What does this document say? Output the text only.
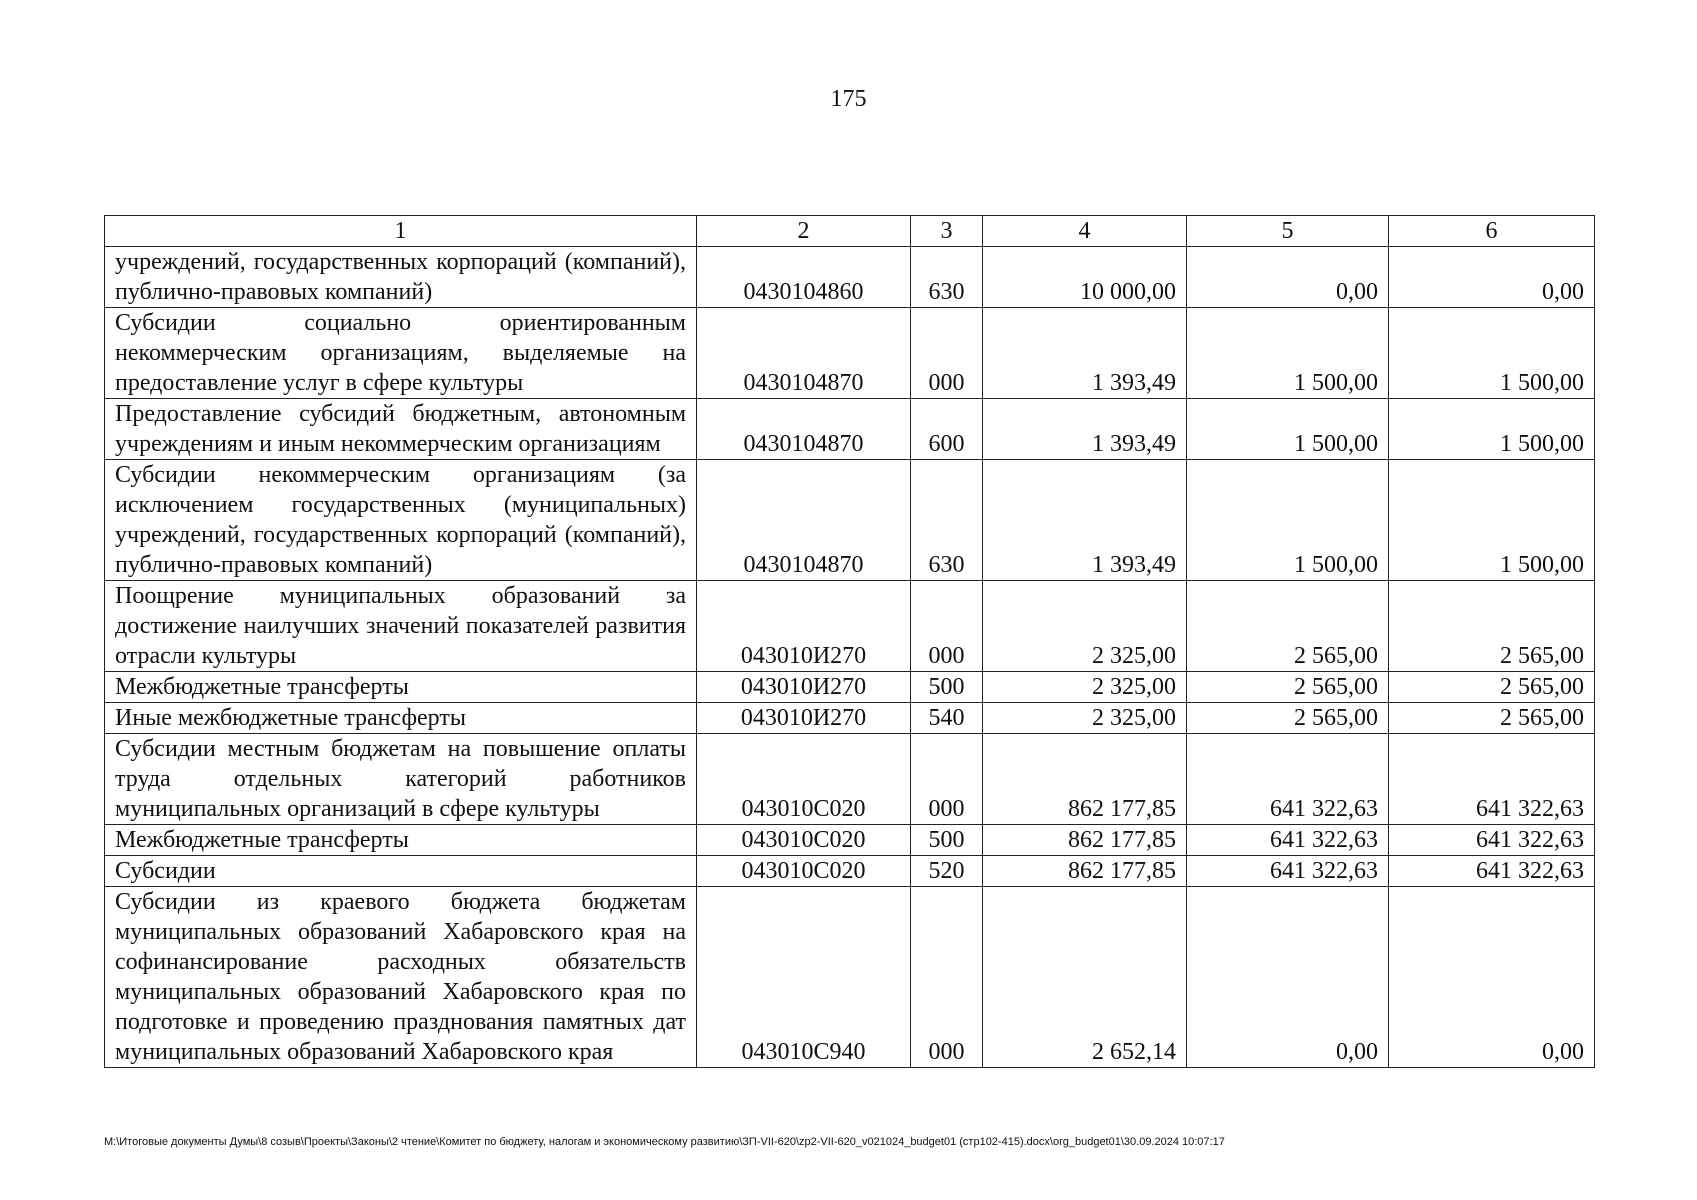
175
1	2	3	4	5	6
учреждений, государственных корпораций (компаний), публично-правовых компаний)	0430104860	630	10 000,00	0,00	0,00
Субсидии социально ориентированным некоммерческим организациям, выделяемые на предоставление услуг в сфере культуры	0430104870	000	1 393,49	1 500,00	1 500,00
Предоставление субсидий бюджетным, автономным учреждениям и иным некоммерческим организациям	0430104870	600	1 393,49	1 500,00	1 500,00
Субсидии некоммерческим организациям (за исключением государственных (муниципальных) учреждений, государственных корпораций (компаний), публично-правовых компаний)	0430104870	630	1 393,49	1 500,00	1 500,00
Поощрение муниципальных образований за достижение наилучших значений показателей развития отрасли культуры	043010И270	000	2 325,00	2 565,00	2 565,00
Межбюджетные трансферты	043010И270	500	2 325,00	2 565,00	2 565,00
Иные межбюджетные трансферты	043010И270	540	2 325,00	2 565,00	2 565,00
Субсидии местным бюджетам на повышение оплаты труда отдельных категорий работников муниципальных организаций в сфере культуры	043010С020	000	862 177,85	641 322,63	641 322,63
Межбюджетные трансферты	043010С020	500	862 177,85	641 322,63	641 322,63
Субсидии	043010С020	520	862 177,85	641 322,63	641 322,63
Субсидии из краевого бюджета бюджетам муниципальных образований Хабаровского края на софинансирование расходных обязательств муниципальных образований Хабаровского края по подготовке и проведению празднования памятных дат муниципальных образований Хабаровского края	043010С940	000	2 652,14	0,00	0,00
М:\Итоговые документы Думы\8 созыв\Проекты\Законы\2 чтение\Комитет по бюджету, налогам и экономическому развитию\ЗП-VII-620\zp2-VII-620_v021024_budget01 (стр102-415).docx\org_budget01\30.09.2024 10:07:17
